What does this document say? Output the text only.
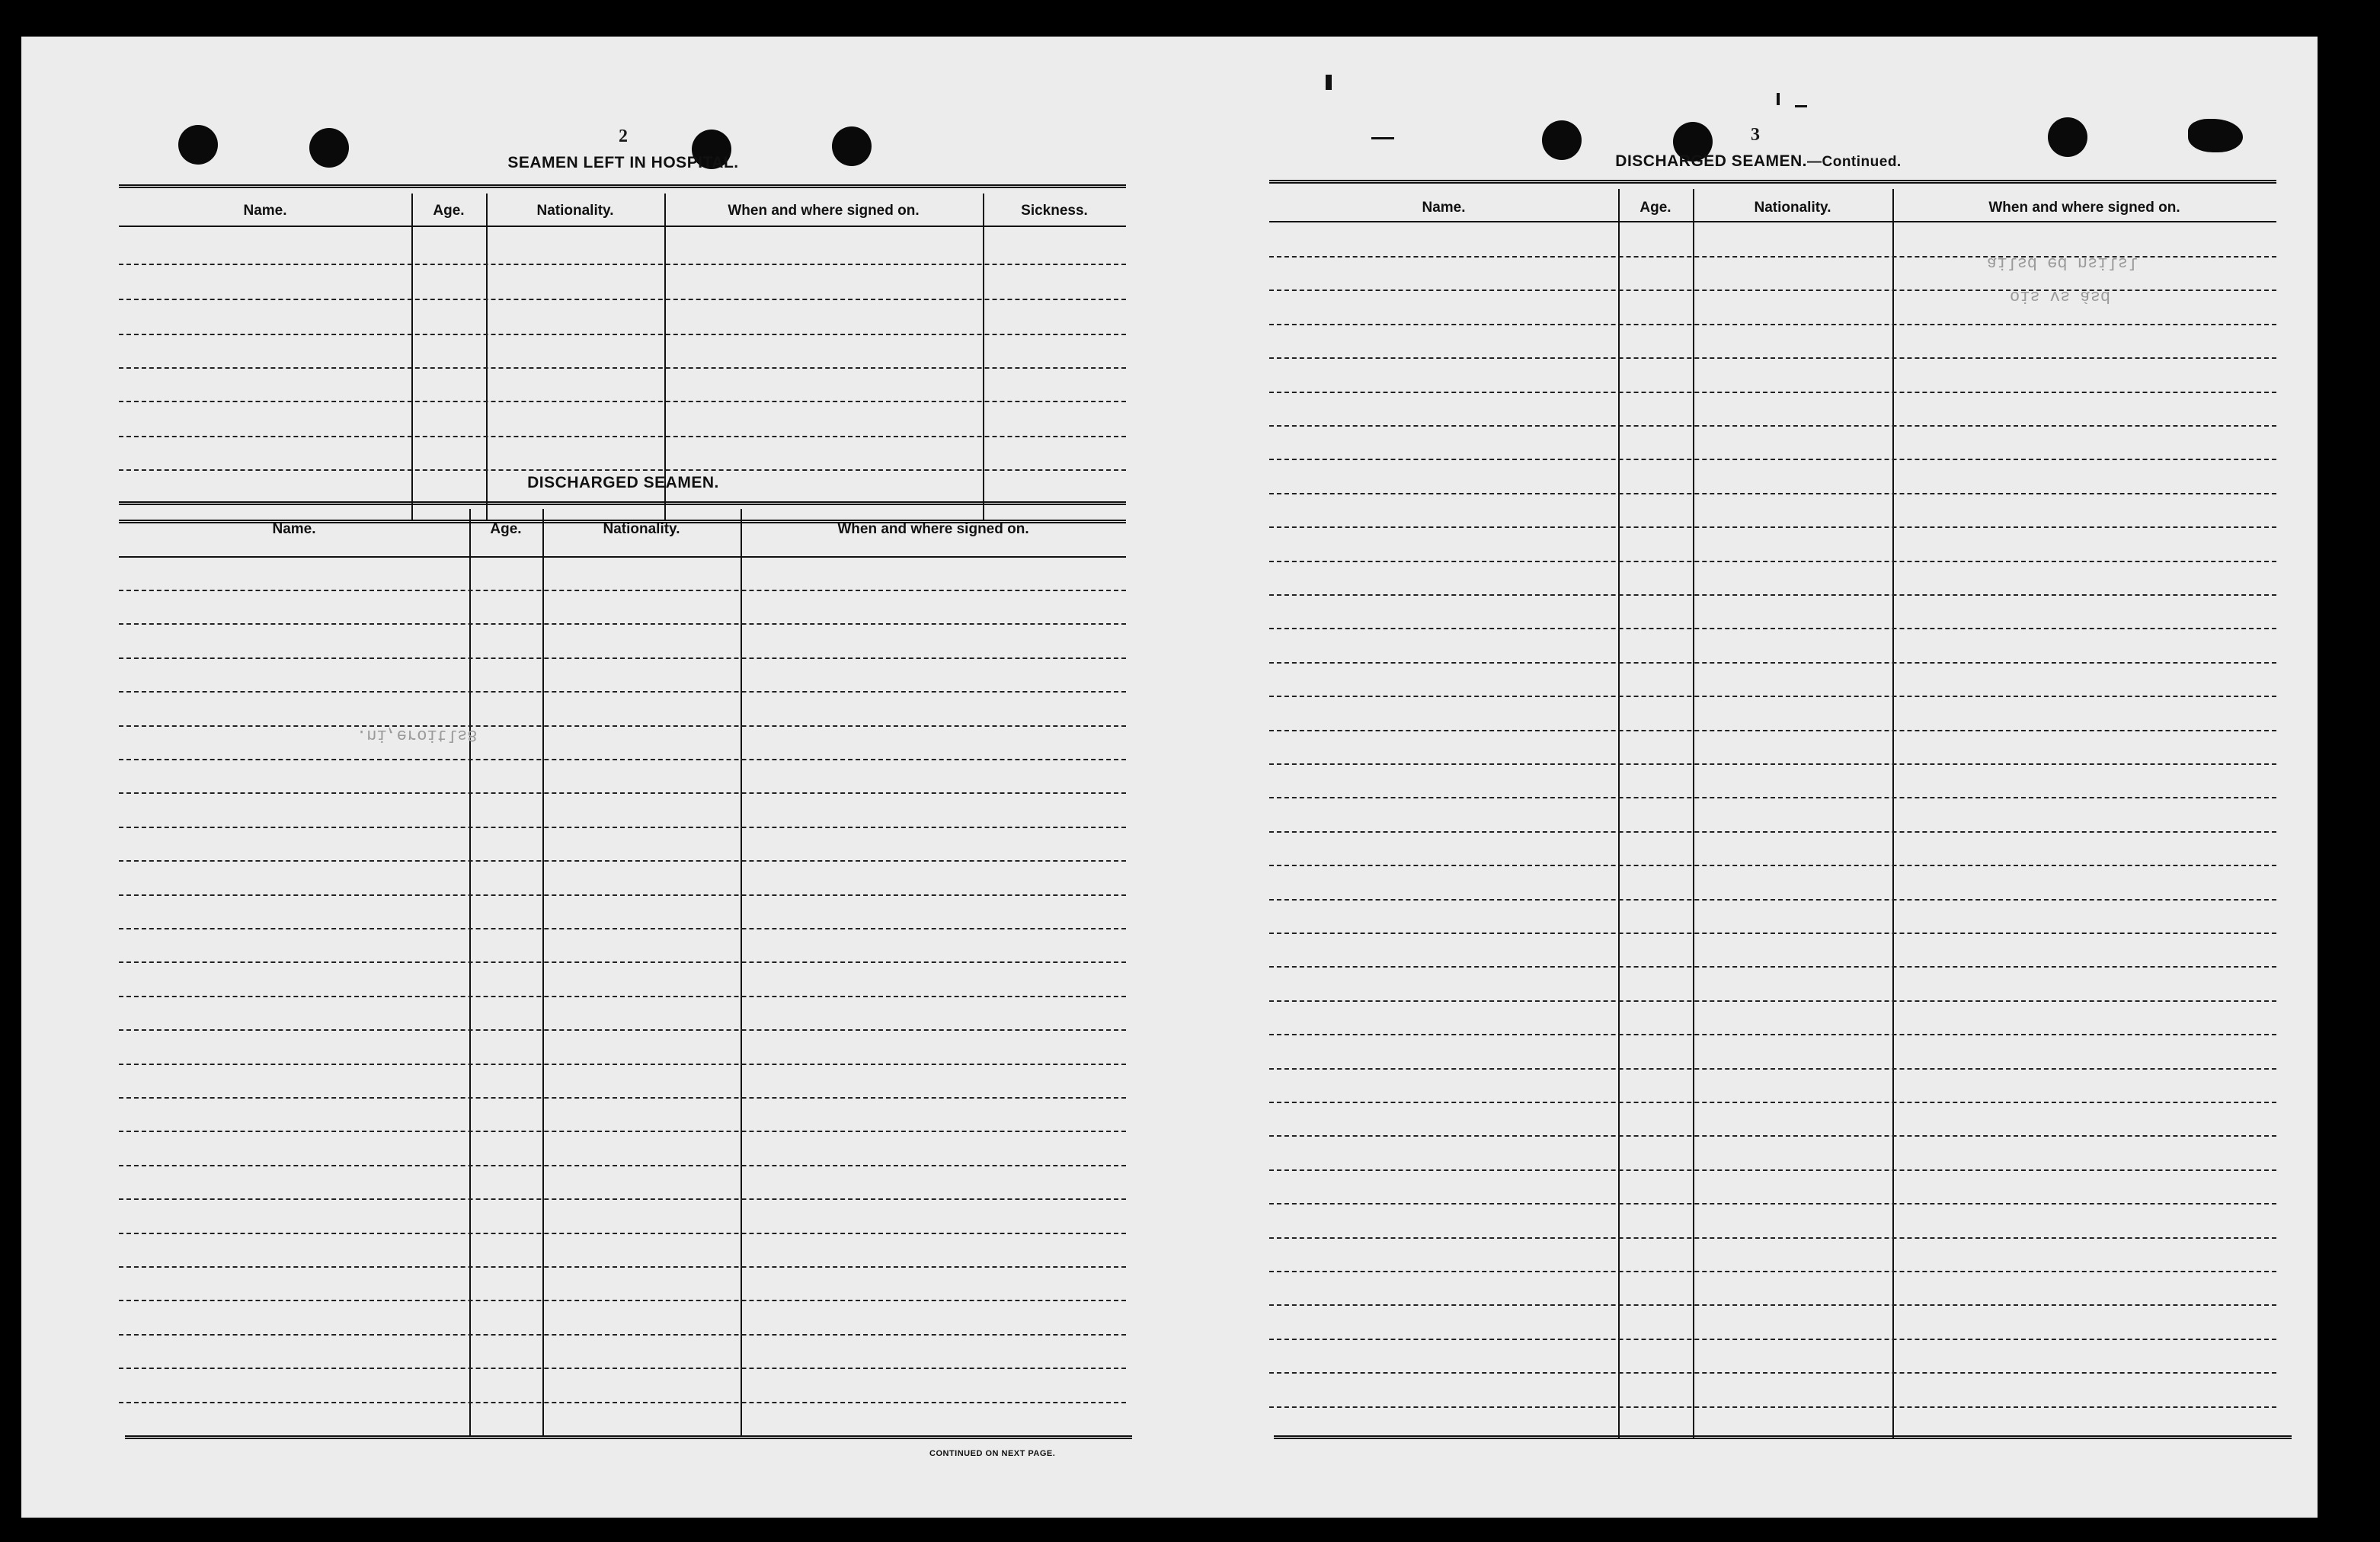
2
SEAMEN LEFT IN HOSPITAL.
Name.	Age.	Nationality.	When and where signed on.	Sickness.
DISCHARGED SEAMEN.
Name.	Age.	Nationality.	When and where signed on.
CONTINUED ON NEXT PAGE.
.ni,eroitls8
3
DISCHARGED SEAMEN.—Continued.
Name.	Age.	Nationality.	When and where signed on.
ailsd ed nsilsl
ois vs ásd
